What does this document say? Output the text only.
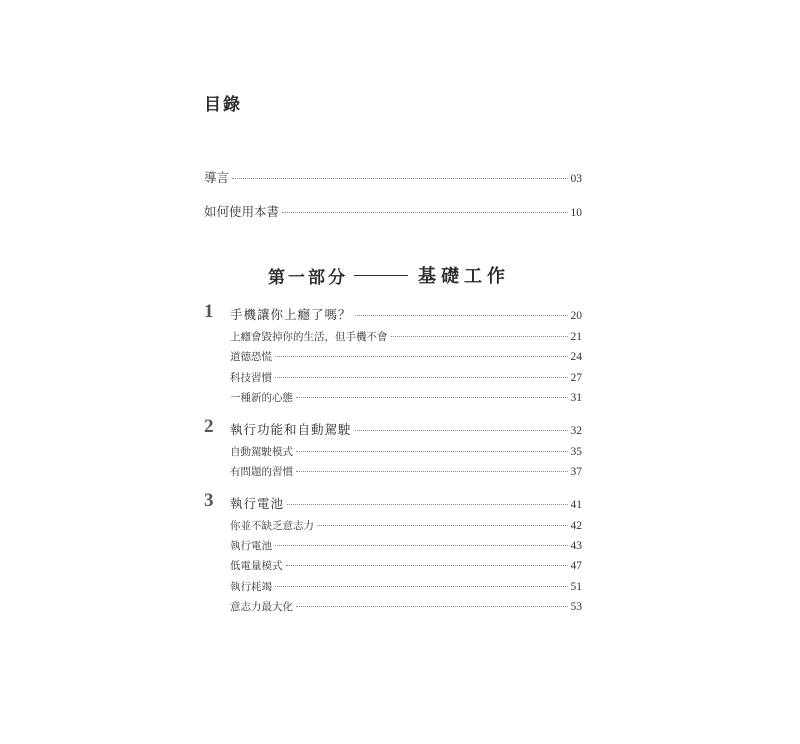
目錄
導言	03
如何使用本書	10
第一部分	基礎工作
1 手機讓你上癮了嗎？	20
上癮會毀掉你的生活，但手機不會	21
道德恐慌	24
科技習慣	27
一種新的心態	31
2 執行功能和自動駕駛	32
自動駕駛模式	35
有問題的習慣	37
3 執行電池	41
你並不缺乏意志力	42
執行電池	43
低電量模式	47
執行耗竭	51
意志力最大化	53
